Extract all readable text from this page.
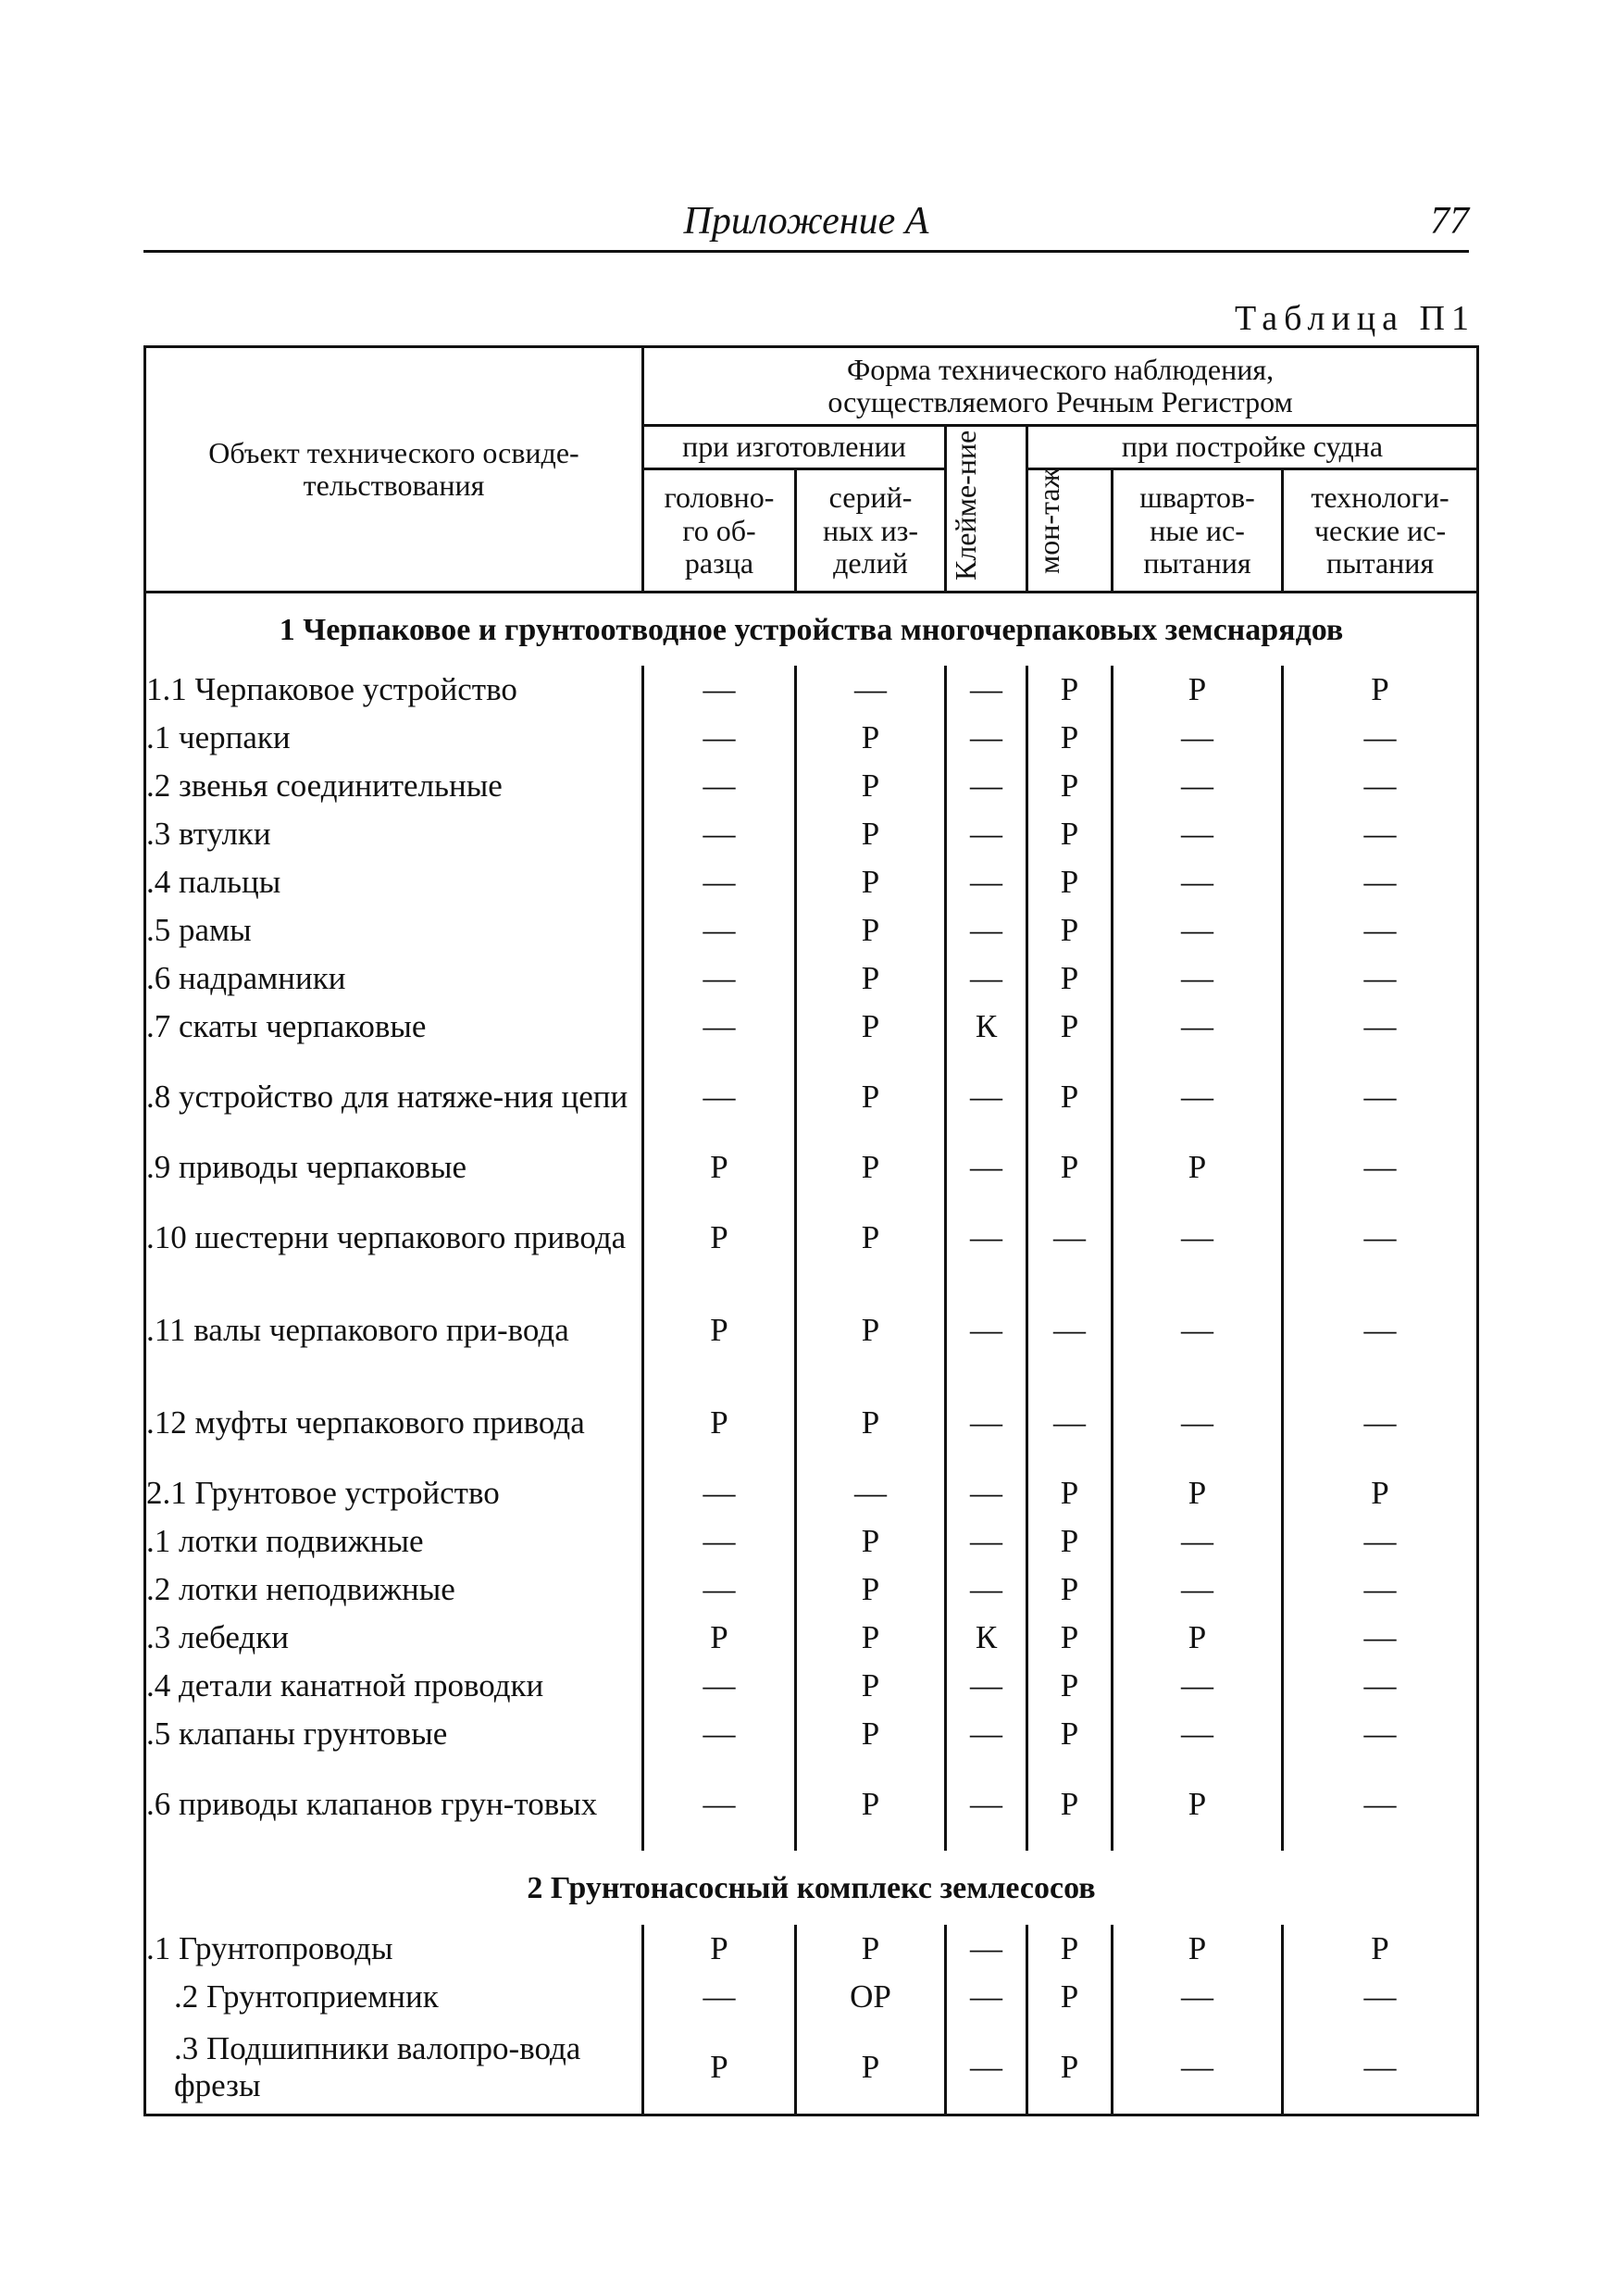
Приложение А	77
Таблица П1
Объект технического освиде-тельствования	Форма технического наблюдения, осуществляемого Речным Регистром					
	при изготовлении		Клейме-ние	при постройке судна		
	головно-го об-разца	серий-ных из-делий		мон-таж	швартов-ные ис-пытания	технологи-ческие ис-пытания
1 Черпаковое и грунтоотводное устройства многочерпаковых земснарядов						
1.1 Черпаковое устройство	—	—	—	Р	Р	Р
.1 черпаки	—	Р	—	Р	—	—
.2 звенья соединительные	—	Р	—	Р	—	—
.3 втулки	—	Р	—	Р	—	—
.4 пальцы	—	Р	—	Р	—	—
.5 рамы	—	Р	—	Р	—	—
.6 надрамники	—	Р	—	Р	—	—
.7 скаты черпаковые	—	Р	К	Р	—	—
.8 устройство для натяже-ния цепи	—	Р	—	Р	—	—
.9 приводы черпаковые	Р	Р	—	Р	Р	—
.10 шестерни черпакового привода	Р	Р	—	—	—	—
.11 валы черпакового при-вода	Р	Р	—	—	—	—
.12 муфты черпакового привода	Р	Р	—	—	—	—
2.1 Грунтовое устройство	—	—	—	Р	Р	Р
.1 лотки подвижные	—	Р	—	Р	—	—
.2 лотки неподвижные	—	Р	—	Р	—	—
.3 лебедки	Р	Р	К	Р	Р	—
.4 детали канатной проводки	—	Р	—	Р	—	—
.5 клапаны грунтовые	—	Р	—	Р	—	—
.6 приводы клапанов грун-товых	—	Р	—	Р	Р	—
2 Грунтонасосный комплекс землесосов						
.1 Грунтопроводы	Р	Р	—	Р	Р	Р
.2 Грунтоприемник	—	ОР	—	Р	—	—
.3 Подшипники валопро-вода фрезы	Р	Р	—	Р	—	—
